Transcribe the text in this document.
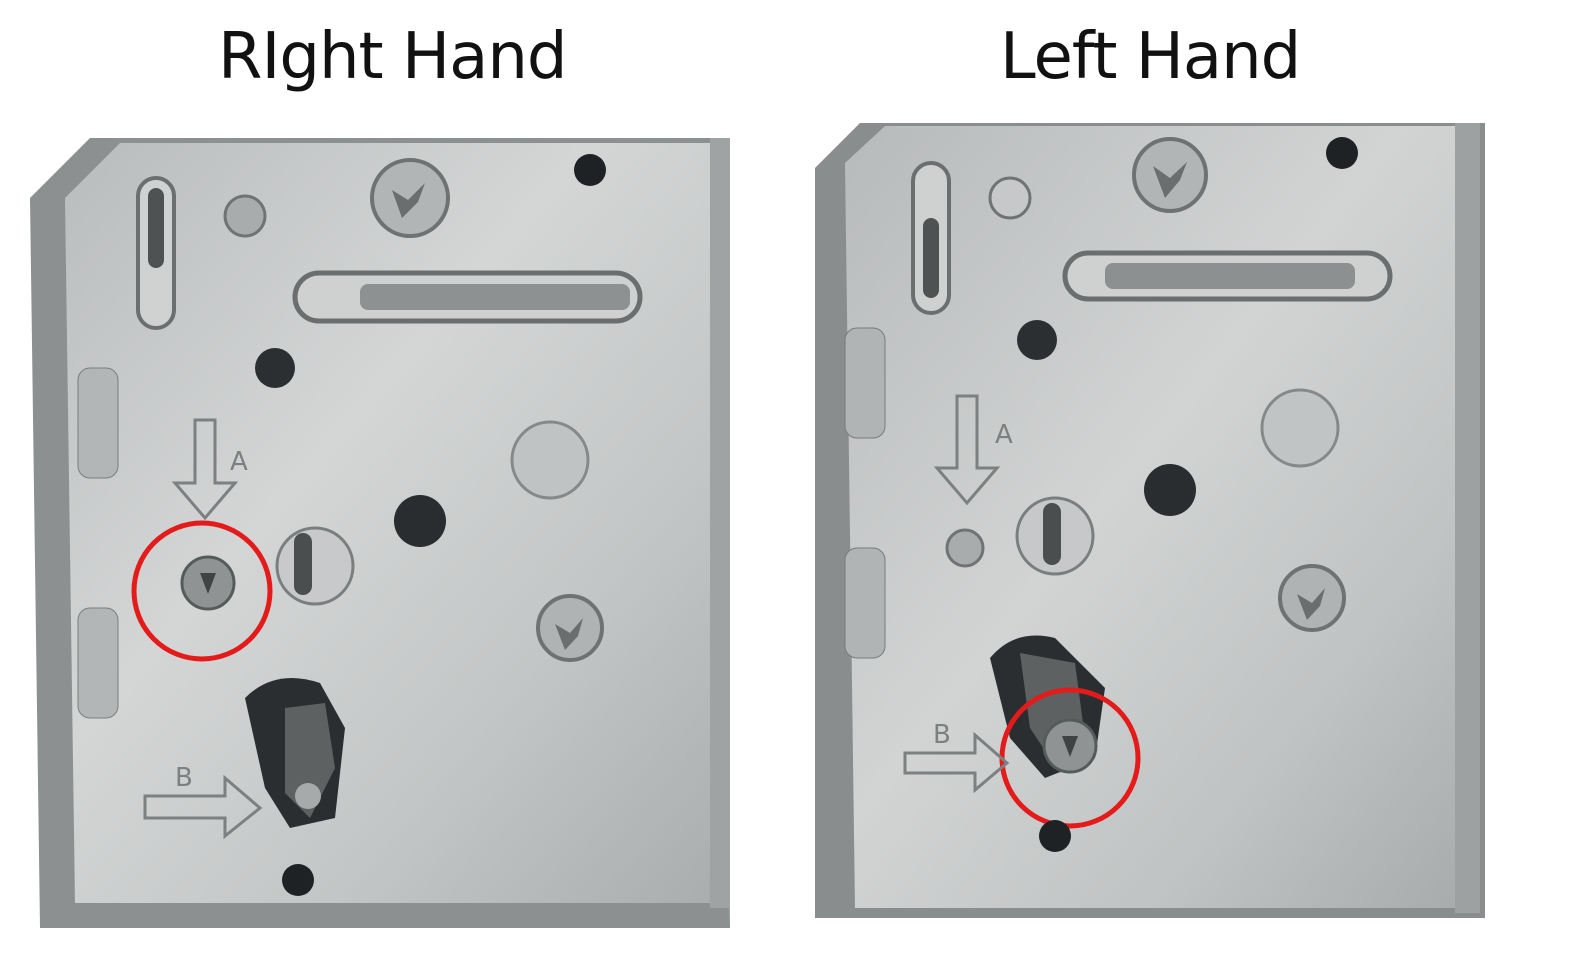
RIght Hand	Left Hand
A
B
A
B
